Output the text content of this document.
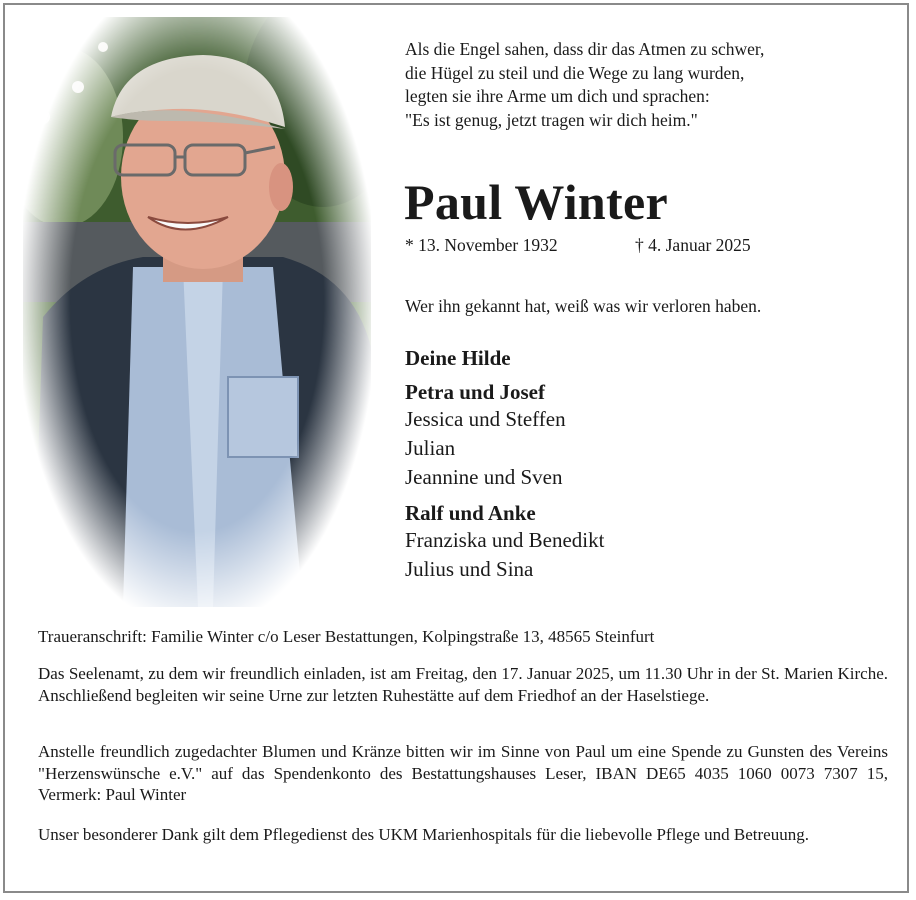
Als die Engel sahen, dass dir das Atmen zu schwer,
die Hügel zu steil und die Wege zu lang wurden,
legten sie ihre Arme um dich und sprachen:
"Es ist genug, jetzt tragen wir dich heim."
Paul Winter

* 13. November 1932	† 4. Januar 2025

Wer ihn gekannt hat, weiß was wir verloren haben.

Deine Hilde

Petra und Josef

Jessica und Steffen

Julian

Jeannine und Sven

Ralf und Anke

Franziska und Benedikt

Julius und Sina

Traueranschrift: Familie Winter c/o Leser Bestattungen, Kolpingstraße 13, 48565 Steinfurt

Das Seelenamt, zu dem wir freundlich einladen, ist am Freitag, den 17. Januar 2025, um 11.30 Uhr in der St. Marien Kirche. Anschließend begleiten wir seine Urne zur letzten Ruhestätte auf dem Friedhof an der Haselstiege.

Anstelle freundlich zugedachter Blumen und Kränze bitten wir im Sinne von Paul um eine Spende zu Gunsten des Vereins "Herzenswünsche e.V." auf das Spendenkonto des Bestattungshauses Leser, IBAN DE65 4035 1060 0073 7307 15, Vermerk: Paul Winter

Unser besonderer Dank gilt dem Pflegedienst des UKM Marienhospitals für die liebevolle Pflege und Betreuung.
